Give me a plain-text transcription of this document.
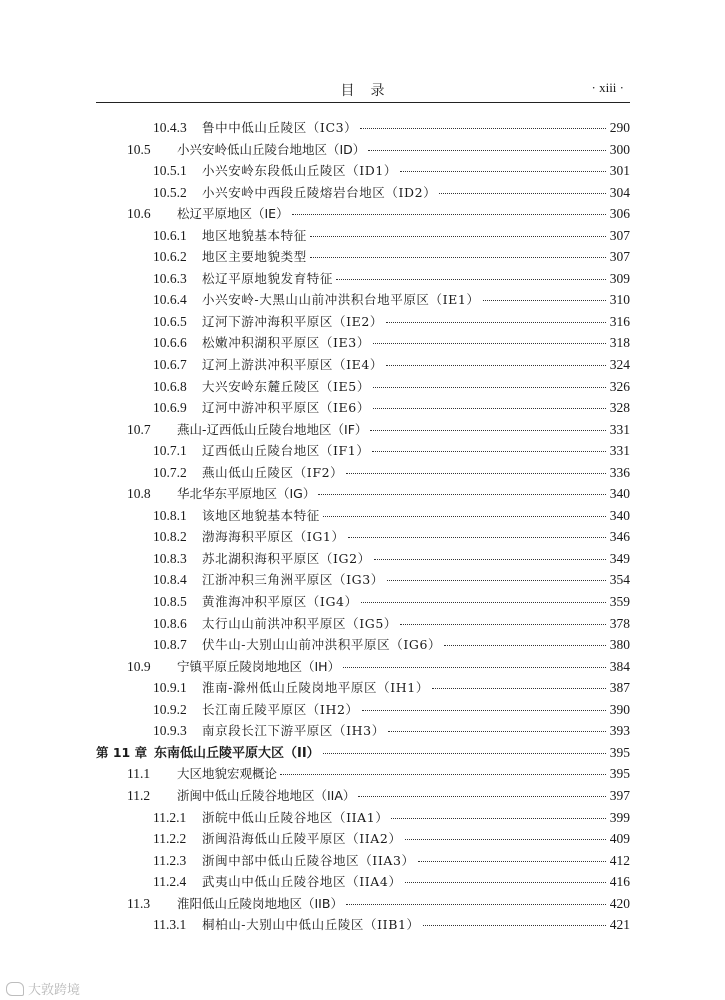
目　录	· xiii ·
10.4.3	鲁中中低山丘陵区（IC3）	290
10.5	小兴安岭低山丘陵台地地区（ID）	300
10.5.1	小兴安岭东段低山丘陵区（ID1）	301
10.5.2	小兴安岭中西段丘陵熔岩台地区（ID2）	304
10.6	松辽平原地区（IE）	306
10.6.1	地区地貌基本特征	307
10.6.2	地区主要地貌类型	307
10.6.3	松辽平原地貌发育特征	309
10.6.4	小兴安岭-大黑山山前冲洪积台地平原区（IE1）	310
10.6.5	辽河下游冲海积平原区（IE2）	316
10.6.6	松嫩冲积湖积平原区（IE3）	318
10.6.7	辽河上游洪冲积平原区（IE4）	324
10.6.8	大兴安岭东麓丘陵区（IE5）	326
10.6.9	辽河中游冲积平原区（IE6）	328
10.7	燕山-辽西低山丘陵台地地区（IF）	331
10.7.1	辽西低山丘陵台地区（IF1）	331
10.7.2	燕山低山丘陵区（IF2）	336
10.8	华北华东平原地区（IG）	340
10.8.1	该地区地貌基本特征	340
10.8.2	渤海海积平原区（IG1）	346
10.8.3	苏北湖积海积平原区（IG2）	349
10.8.4	江浙冲积三角洲平原区（IG3）	354
10.8.5	黄淮海冲积平原区（IG4）	359
10.8.6	太行山山前洪冲积平原区（IG5）	378
10.8.7	伏牛山-大别山山前冲洪积平原区（IG6）	380
10.9	宁镇平原丘陵岗地地区（IH）	384
10.9.1	淮南-滁州低山丘陵岗地平原区（IH1）	387
10.9.2	长江南丘陵平原区（IH2）	390
10.9.3	南京段长江下游平原区（IH3）	393
第 11 章 东南低山丘陵平原大区（II）	395
11.1	大区地貌宏观概论	395
11.2	浙闽中低山丘陵谷地地区（IIA）	397
11.2.1	浙皖中低山丘陵谷地区（IIA1）	399
11.2.2	浙闽沿海低山丘陵平原区（IIA2）	409
11.2.3	浙闽中部中低山丘陵谷地区（IIA3）	412
11.2.4	武夷山中低山丘陵谷地区（IIA4）	416
11.3	淮阳低山丘陵岗地地区（IIB）	420
11.3.1	桐柏山-大别山中低山丘陵区（IIB1）	421
大敦跨境
